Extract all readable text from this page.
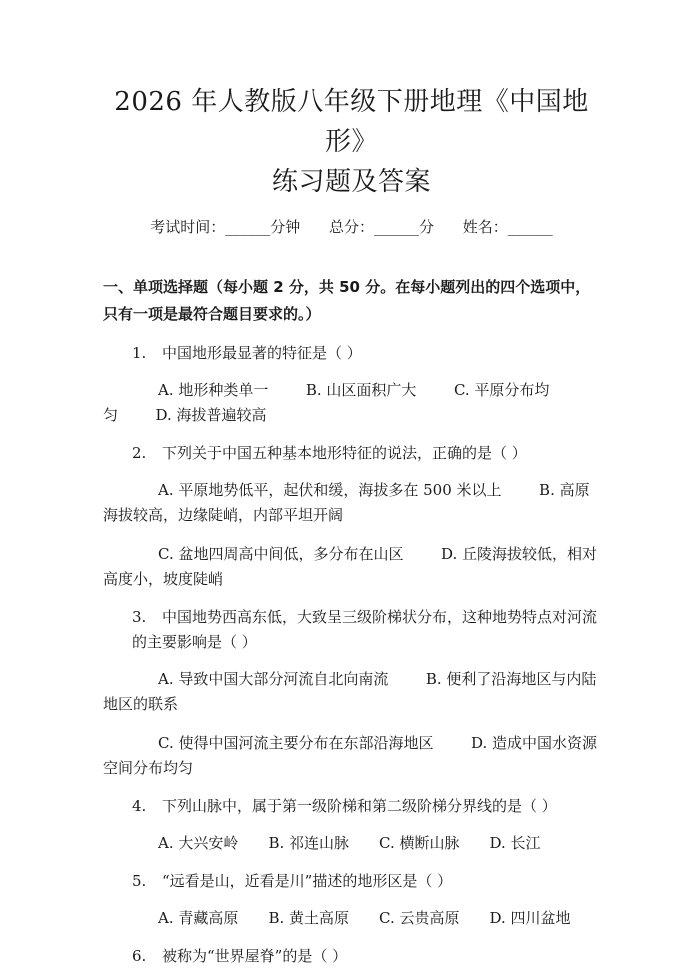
2026 年人教版八年级下册地理《中国地形》
练习题及答案
考试时间：______分钟 总分：______分 姓名：______
一、单项选择题（每小题 2 分，共 50 分。在每小题列出的四个选项中，只有一项是最符合题目要求的。）
1. 中国地形最显著的特征是（ ）
A. 地形种类单一   	B. 山区面积广大   	C. 平原分布均匀   	D. 海拔普遍较高
2. 下列关于中国五种基本地形特征的说法，正确的是（ ）
A. 平原地势低平，起伏和缓，海拔多在 500 米以上   	B. 高原海拔较高，边缘陡峭，内部平坦开阔
C. 盆地四周高中间低，多分布在山区   	D. 丘陵海拔较低，相对高度小，坡度陡峭
3. 中国地势西高东低，大致呈三级阶梯状分布，这种地势特点对河流的主要影响是（ ）
A. 导致中国大部分河流自北向南流   	B. 便利了沿海地区与内陆地区的联系
C. 使得中国河流主要分布在东部沿海地区   	D. 造成中国水资源空间分布均匀
4. 下列山脉中，属于第一级阶梯和第二级阶梯分界线的是（ ）
A. 大兴安岭	B. 祁连山脉	C. 横断山脉	D. 长江
5. “远看是山，近看是川”描述的地形区是（ ）
A. 青藏高原	B. 黄土高原	C. 云贵高原	D. 四川盆地
6. 被称为“世界屋脊”的是（ ）
